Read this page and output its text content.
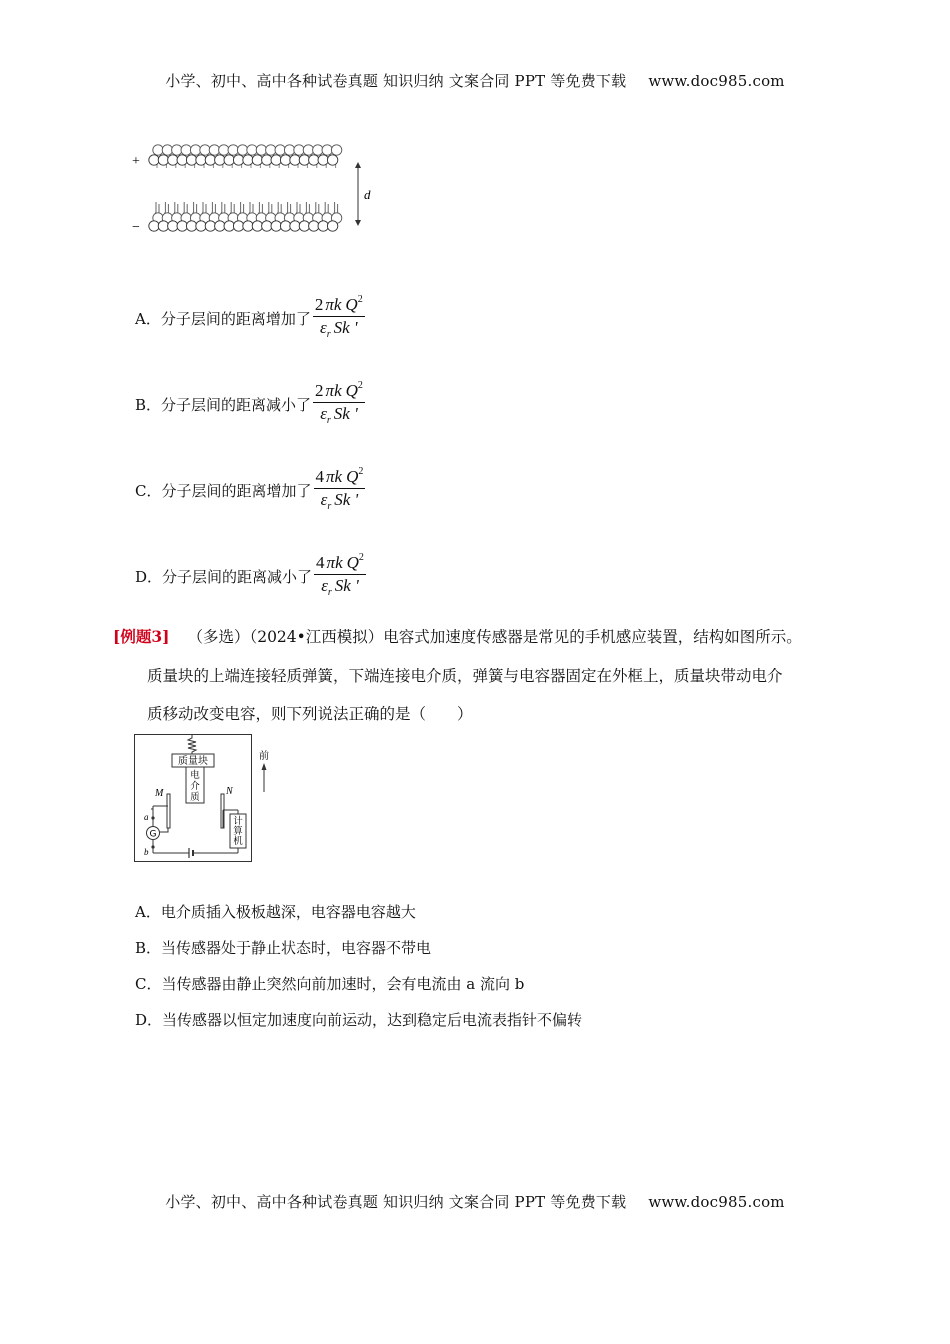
小学、初中、高中各种试卷真题 知识归纳 文案合同 PPT 等免费下载 www.doc985.com
+
−
d
A． 分子层间的距离增加了 $\frac{2 \pi k Q^2}{\varepsilon_r Sk '}$
B． 分子层间的距离减小了 $\frac{2 \pi k Q^2}{\varepsilon_r Sk '}$
C． 分子层间的距离增加了 $\frac{4 \pi k Q^2}{\varepsilon_r Sk '}$
D． 分子层间的距离减小了 $\frac{4 \pi k Q^2}{\varepsilon_r Sk '}$
[例题3] （多选）（2024•江西模拟）电容式加速度传感器是常见的手机感应装置，结构如图所示。
质量块的上端连接轻质弹簧，下端连接电介质，弹簧与电容器固定在外框上，质量块带动电介
质移动改变电容，则下列说法正确的是（　　）
质量块
电
介
质
M	N
a
G
b
计
算
机
前
A．电介质插入极板越深，电容器电容越大
B．当传感器处于静止状态时，电容器不带电
C．当传感器由静止突然向前加速时，会有电流由 a 流向 b
D．当传感器以恒定加速度向前运动，达到稳定后电流表指针不偏转
小学、初中、高中各种试卷真题 知识归纳 文案合同 PPT 等免费下载 www.doc985.com
